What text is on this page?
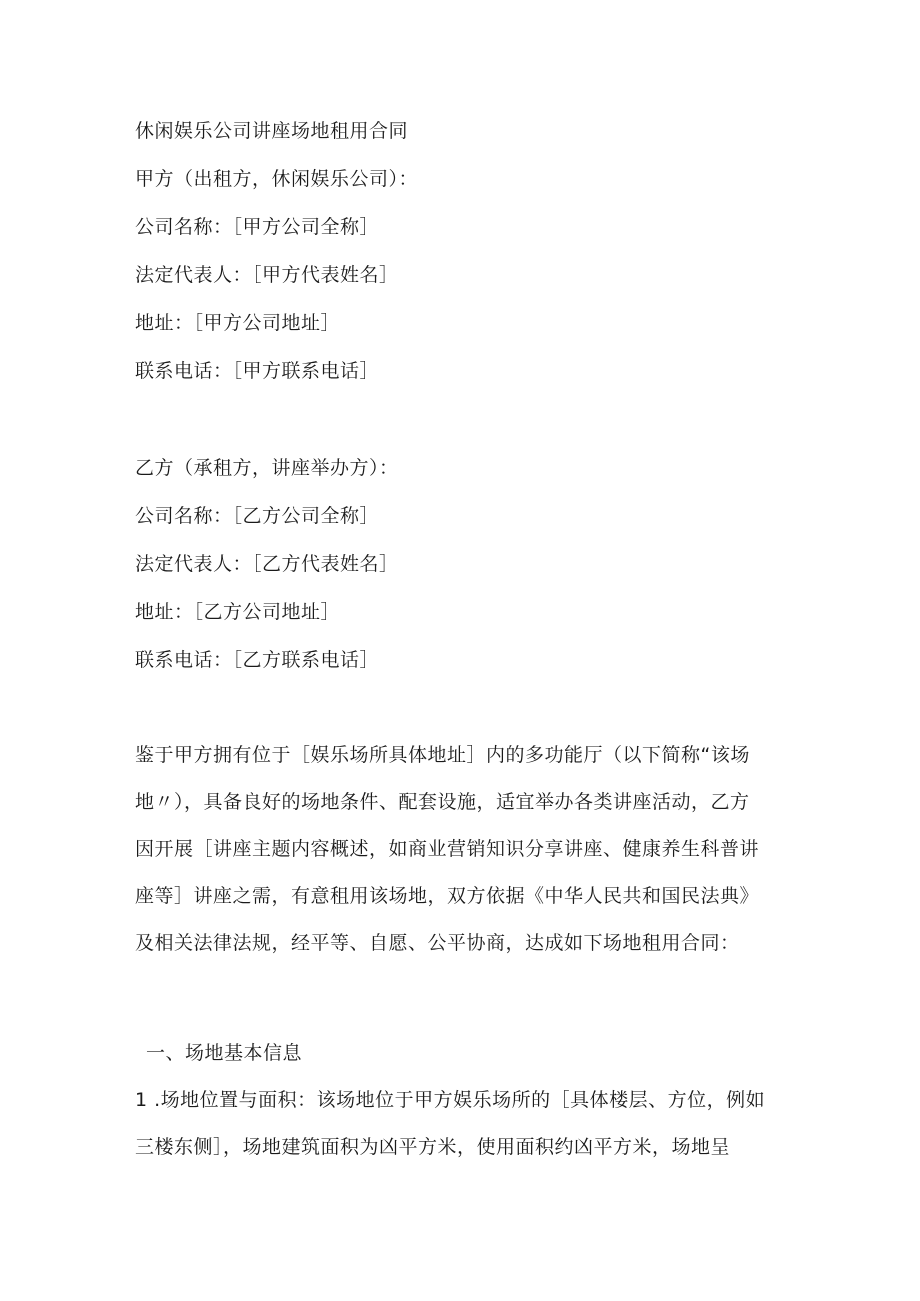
休闲娱乐公司讲座场地租用合同
甲方（出租方，休闲娱乐公司）：
公司名称：［甲方公司全称］
法定代表人：［甲方代表姓名］
地址：［甲方公司地址］
联系电话：［甲方联系电话］
乙方（承租方，讲座举办方）：
公司名称：［乙方公司全称］
法定代表人：［乙方代表姓名］
地址：［乙方公司地址］
联系电话：［乙方联系电话］

鉴于甲方拥有位于［娱乐场所具体地址］内的多功能厅（以下简称“该场

地〃），具备良好的场地条件、配套设施，适宜举办各类讲座活动，乙方

因开展［讲座主题内容概述，如商业营销知识分享讲座、健康养生科普讲

座等］讲座之需，有意租用该场地，双方依据《中华人民共和国民法典》

及相关法律法规，经平等、自愿、公平协商，达成如下场地租用合同：

一、场地基本信息

1 .场地位置与面积：该场地位于甲方娱乐场所的［具体楼层、方位，例如

三楼东侧］，场地建筑面积为凶平方米，使用面积约凶平方米，场地呈
